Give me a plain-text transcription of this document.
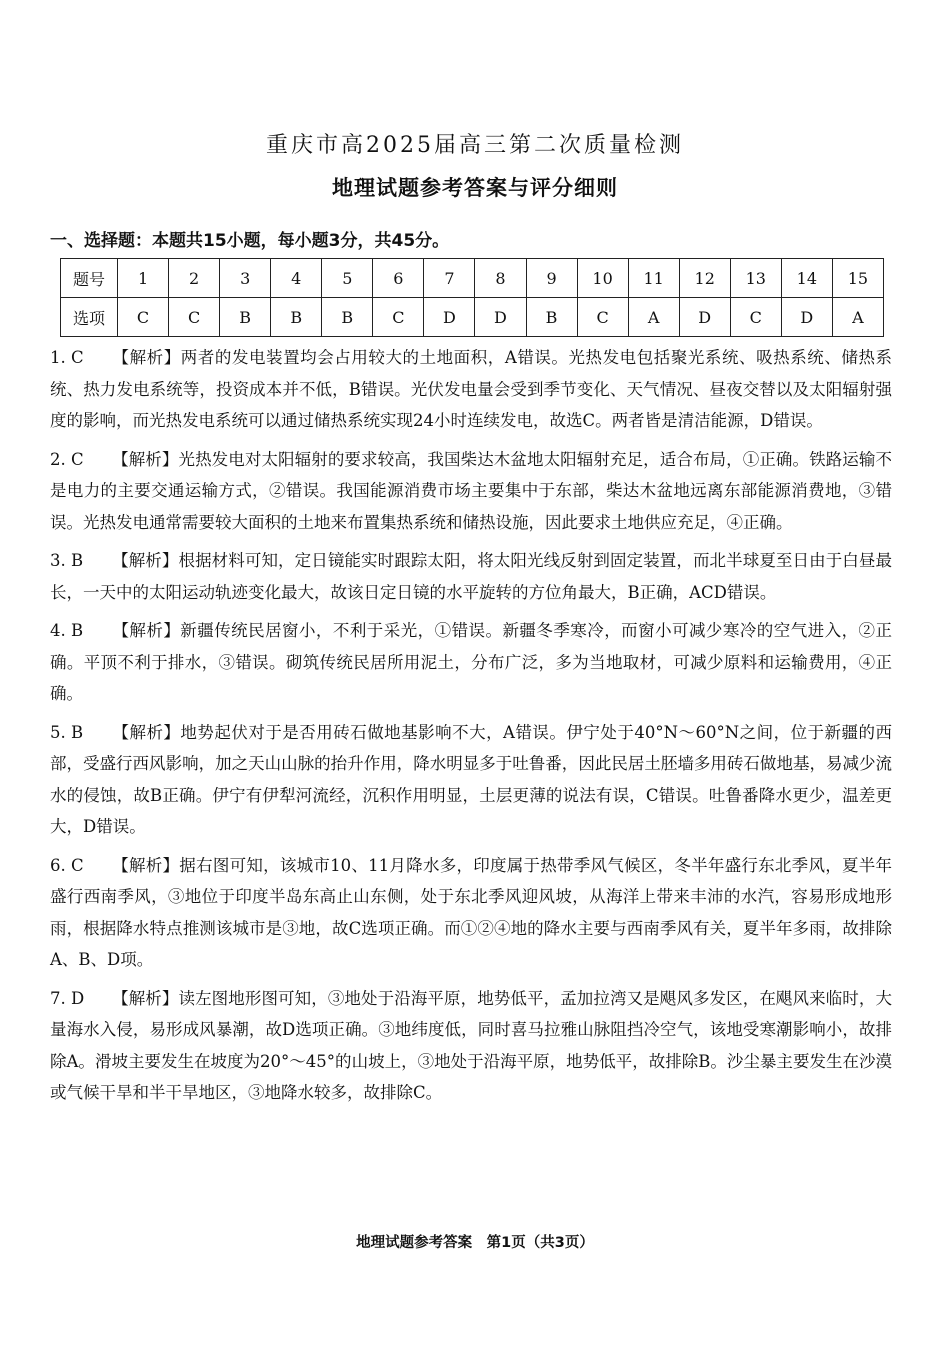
重庆市高2025届高三第二次质量检测
地理试题参考答案与评分细则
一、选择题：本题共15小题，每小题3分，共45分。
题号	1	2	3	4	5	6	7	8	9	10	11	12	13	14	15
选项	C	C	B	B	B	C	D	D	B	C	A	D	C	D	A
1. C 【解析】两者的发电装置均会占用较大的土地面积，A错误。光热发电包括聚光系统、吸热系统、储热系统、热力发电系统等，投资成本并不低，B错误。光伏发电量会受到季节变化、天气情况、昼夜交替以及太阳辐射强度的影响，而光热发电系统可以通过储热系统实现24小时连续发电，故选C。两者皆是清洁能源，D错误。
2. C 【解析】光热发电对太阳辐射的要求较高，我国柴达木盆地太阳辐射充足，适合布局，①正确。铁路运输不是电力的主要交通运输方式，②错误。我国能源消费市场主要集中于东部，柴达木盆地远离东部能源消费地，③错误。光热发电通常需要较大面积的土地来布置集热系统和储热设施，因此要求土地供应充足，④正确。
3. B 【解析】根据材料可知，定日镜能实时跟踪太阳，将太阳光线反射到固定装置，而北半球夏至日由于白昼最长，一天中的太阳运动轨迹变化最大，故该日定日镜的水平旋转的方位角最大，B正确，ACD错误。
4. B 【解析】新疆传统民居窗小，不利于采光，①错误。新疆冬季寒冷，而窗小可减少寒冷的空气进入，②正确。平顶不利于排水，③错误。砌筑传统民居所用泥土，分布广泛，多为当地取材，可减少原料和运输费用，④正确。
5. B 【解析】地势起伏对于是否用砖石做地基影响不大，A错误。伊宁处于40°N～60°N之间，位于新疆的西部，受盛行西风影响，加之天山山脉的抬升作用，降水明显多于吐鲁番，因此民居土胚墙多用砖石做地基，易减少流水的侵蚀，故B正确。伊宁有伊犁河流经，沉积作用明显，土层更薄的说法有误，C错误。吐鲁番降水更少，温差更大，D错误。
6. C 【解析】据右图可知，该城市10、11月降水多，印度属于热带季风气候区，冬半年盛行东北季风，夏半年盛行西南季风，③地位于印度半岛东高止山东侧，处于东北季风迎风坡，从海洋上带来丰沛的水汽，容易形成地形雨，根据降水特点推测该城市是③地，故C选项正确。而①②④地的降水主要与西南季风有关，夏半年多雨，故排除A、B、D项。
7. D 【解析】读左图地形图可知，③地处于沿海平原，地势低平，孟加拉湾又是飓风多发区，在飓风来临时，大量海水入侵，易形成风暴潮，故D选项正确。③地纬度低，同时喜马拉雅山脉阻挡冷空气，该地受寒潮影响小，故排除A。滑坡主要发生在坡度为20°～45°的山坡上，③地处于沿海平原，地势低平，故排除B。沙尘暴主要发生在沙漠或气候干旱和半干旱地区，③地降水较多，故排除C。
地理试题参考答案　第1页（共3页）
